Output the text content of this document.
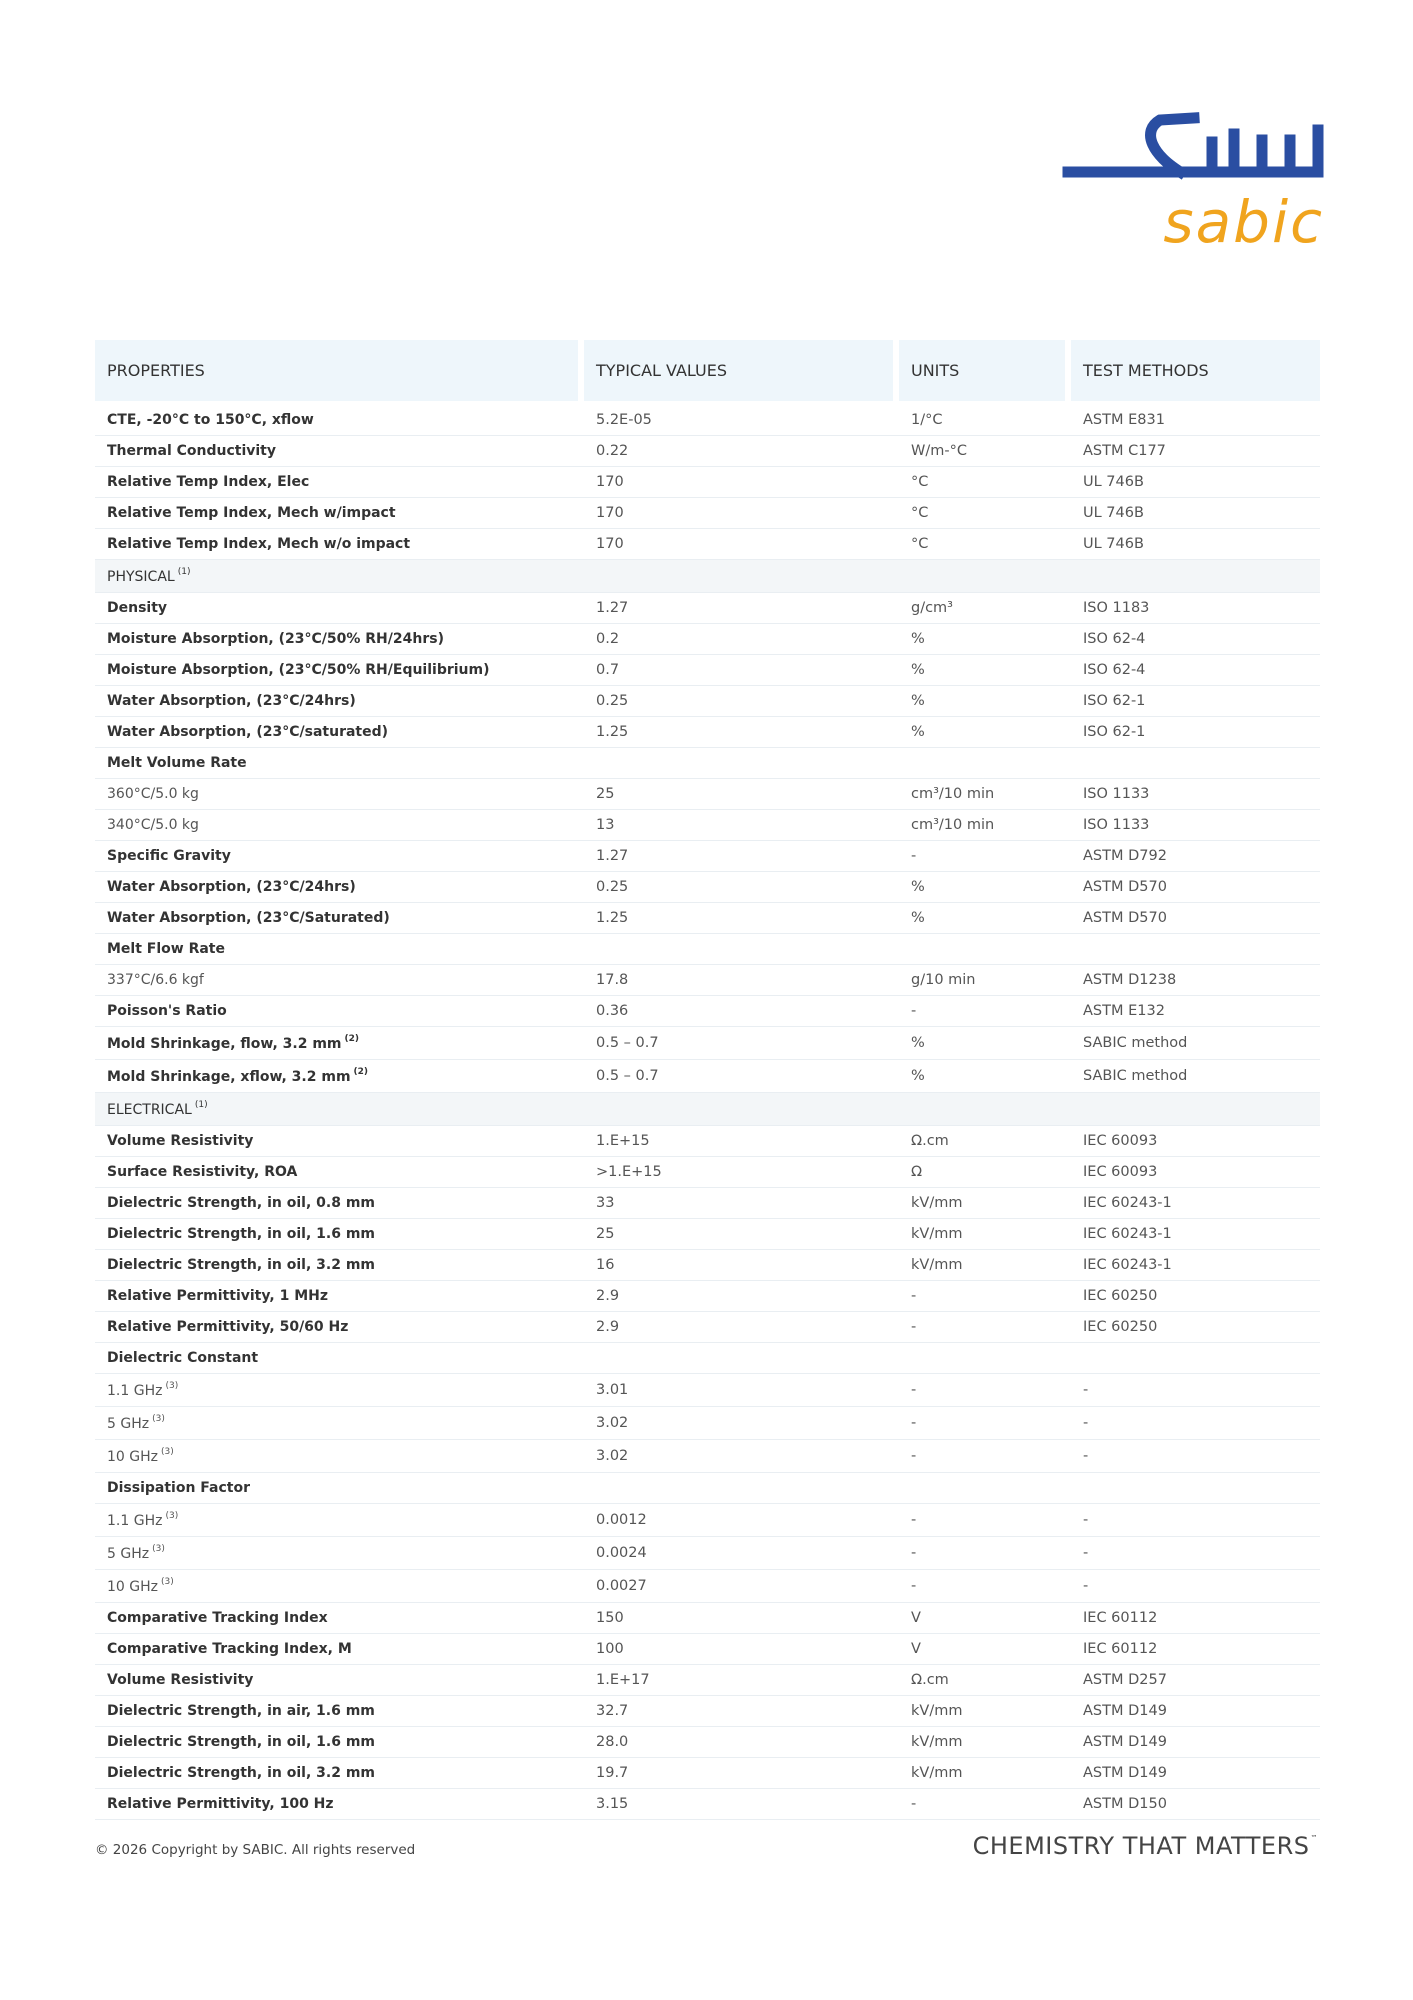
sabic
PROPERTIES	TYPICAL VALUES	UNITS	TEST METHODS
CTE, -20°C to 150°C, xflow	5.2E-05	1/°C	ASTM E831
Thermal Conductivity	0.22	W/m-°C	ASTM C177
Relative Temp Index, Elec	170	°C	UL 746B
Relative Temp Index, Mech w/impact	170	°C	UL 746B
Relative Temp Index, Mech w/o impact	170	°C	UL 746B
PHYSICAL $^{(1)}$			
Density	1.27	g/cm³	ISO 1183
Moisture Absorption, (23°C/50% RH/24hrs)	0.2	%	ISO 62-4
Moisture Absorption, (23°C/50% RH/Equilibrium)	0.7	%	ISO 62-4
Water Absorption, (23°C/24hrs)	0.25	%	ISO 62-1
Water Absorption, (23°C/saturated)	1.25	%	ISO 62-1
Melt Volume Rate			
360°C/5.0 kg	25	cm³/10 min	ISO 1133
340°C/5.0 kg	13	cm³/10 min	ISO 1133
Specific Gravity	1.27	-	ASTM D792
Water Absorption, (23°C/24hrs)	0.25	%	ASTM D570
Water Absorption, (23°C/Saturated)	1.25	%	ASTM D570
Melt Flow Rate			
337°C/6.6 kgf	17.8	g/10 min	ASTM D1238
Poisson's Ratio	0.36	-	ASTM E132
Mold Shrinkage, flow, 3.2 mm $^{(2)}$	0.5 – 0.7	%	SABIC method
Mold Shrinkage, xflow, 3.2 mm $^{(2)}$	0.5 – 0.7	%	SABIC method
ELECTRICAL $^{(1)}$			
Volume Resistivity	1.E+15	Ω.cm	IEC 60093
Surface Resistivity, ROA	>1.E+15	Ω	IEC 60093
Dielectric Strength, in oil, 0.8 mm	33	kV/mm	IEC 60243-1
Dielectric Strength, in oil, 1.6 mm	25	kV/mm	IEC 60243-1
Dielectric Strength, in oil, 3.2 mm	16	kV/mm	IEC 60243-1
Relative Permittivity, 1 MHz	2.9	-	IEC 60250
Relative Permittivity, 50/60 Hz	2.9	-	IEC 60250
Dielectric Constant			
1.1 GHz $^{(3)}$	3.01	-	-
5 GHz $^{(3)}$	3.02	-	-
10 GHz $^{(3)}$	3.02	-	-
Dissipation Factor			
1.1 GHz $^{(3)}$	0.0012	-	-
5 GHz $^{(3)}$	0.0024	-	-
10 GHz $^{(3)}$	0.0027	-	-
Comparative Tracking Index	150	V	IEC 60112
Comparative Tracking Index, M	100	V	IEC 60112
Volume Resistivity	1.E+17	Ω.cm	ASTM D257
Dielectric Strength, in air, 1.6 mm	32.7	kV/mm	ASTM D149
Dielectric Strength, in oil, 1.6 mm	28.0	kV/mm	ASTM D149
Dielectric Strength, in oil, 3.2 mm	19.7	kV/mm	ASTM D149
Relative Permittivity, 100 Hz	3.15	-	ASTM D150
© 2026 Copyright by SABIC. All rights reserved	CHEMISTRY THAT MATTERS™
